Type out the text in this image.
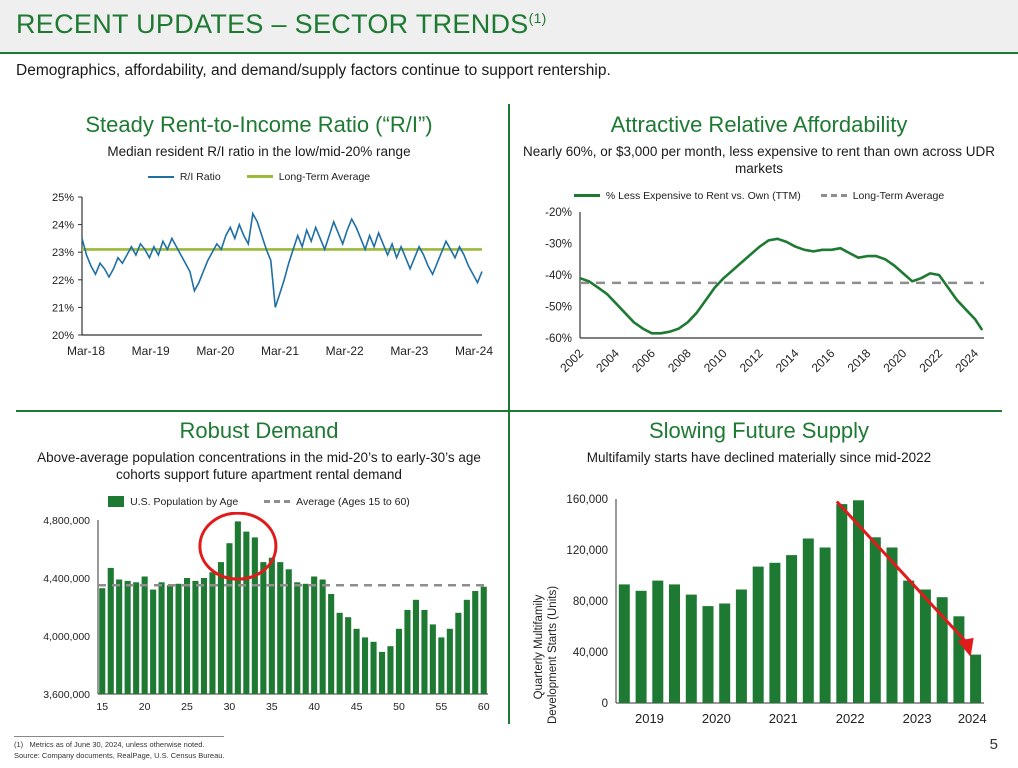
RECENT UPDATES – SECTOR TRENDS$^{(1)}$
Demographics, affordability, and demand/supply factors continue to support rentership.
Steady Rent-to-Income Ratio (“R/I”)
Median resident R/I ratio in the low/mid-20% range
R/I Ratio	Long-Term Average
20%
21%
22%
23%
24%
25%
Mar-18 Mar-19 Mar-20 Mar-21 Mar-22 Mar-23 Mar-24
Attractive Relative Affordability
Nearly 60%, or $3,000 per month, less expensive to rent than own across UDR markets
% Less Expensive to Rent vs. Own (TTM)	Long-Term Average
-20%
-30%
-40%
-50%
-60%
2002 2004 2006 2008 2010 2012 2014 2016 2018 2020 2022 2024
Robust Demand
Above-average population concentrations in the mid-20’s to early-30’s age cohorts support future apartment rental demand
U.S. Population by Age	Average (Ages 15 to 60)
3,600,000
4,000,000
4,400,000
4,800,000
15	20	25	30	35	40	45	50	55	60
Slowing Future Supply
Multifamily starts have declined materially since mid-2022
0
40,000
80,000
120,000
160,000
2019	2020	2021	2022	2023 2024
Quarterly Multifamily Development Starts (Units)
(1) Metrics as of June 30, 2024, unless otherwise noted.
Source: Company documents, RealPage, U.S. Census Bureau.
5
